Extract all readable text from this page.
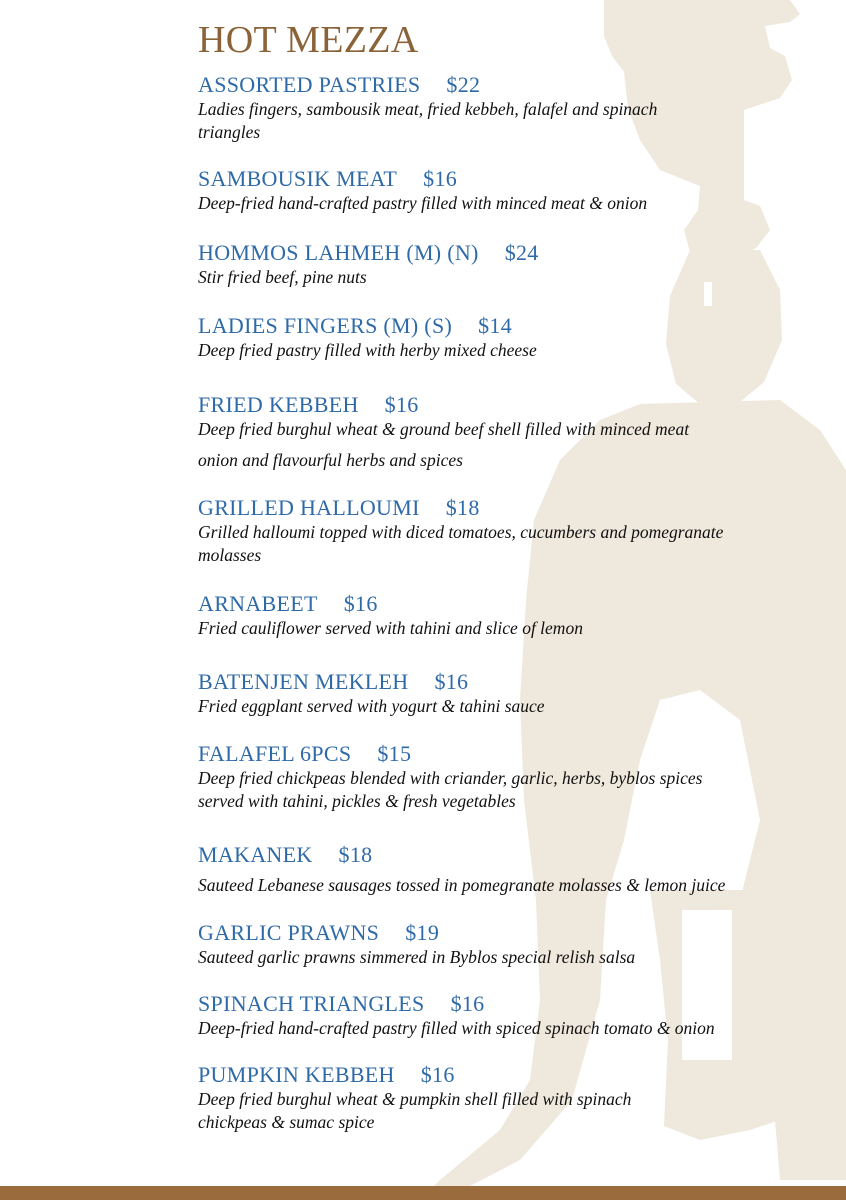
HOT MEZZA
ASSORTED PASTRIES $22
Ladies fingers, sambousik meat, fried kebbeh, falafel and spinach
triangles
SAMBOUSIK MEAT $16
Deep-fried hand-crafted pastry filled with minced meat & onion
HOMMOS LAHMEH (M) (N) $24
Stir fried beef, pine nuts
LADIES FINGERS (M) (S) $14
Deep fried pastry filled with herby mixed cheese
FRIED KEBBEH $16
Deep fried burghul wheat & ground beef shell filled with minced meat
onion and flavourful herbs and spices
GRILLED HALLOUMI $18
Grilled halloumi topped with diced tomatoes, cucumbers and pomegranate
molasses
ARNABEET $16
Fried cauliflower served with tahini and slice of lemon
BATENJEN MEKLEH $16
Fried eggplant served with yogurt & tahini sauce
FALAFEL 6PCS $15
Deep fried chickpeas blended with criander, garlic, herbs, byblos spices
served with tahini, pickles & fresh vegetables
MAKANEK $18
Sauteed Lebanese sausages tossed in pomegranate molasses & lemon juice
GARLIC PRAWNS $19
Sauteed garlic prawns simmered in Byblos special relish salsa
SPINACH TRIANGLES $16
Deep-fried hand-crafted pastry filled with spiced spinach tomato & onion
PUMPKIN KEBBEH $16
Deep fried burghul wheat & pumpkin shell filled with spinach
chickpeas & sumac spice
